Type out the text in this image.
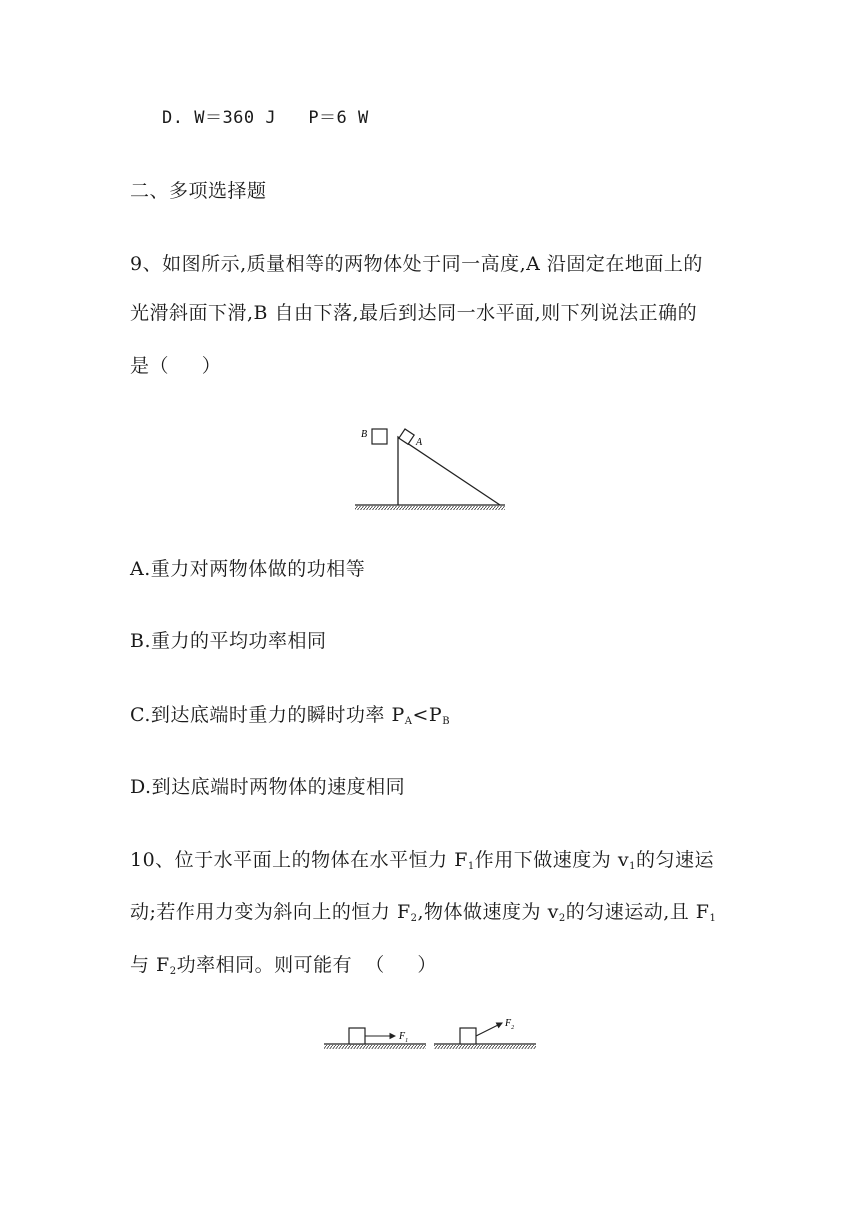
D. W＝360 J   P＝6 W
二、多项选择题
9、如图所示,质量相等的两物体处于同一高度,A 沿固定在地面上的
光滑斜面下滑,B 自由下落,最后到达同一水平面,则下列说法正确的
是（     ）
A
B
A.重力对两物体做的功相等
B.重力的平均功率相同
C.到达底端时重力的瞬时功率 $P_A<P_B$
D.到达底端时两物体的速度相同
10、位于水平面上的物体在水平恒力 $F_1$作用下做速度为 $v_1$的匀速运
动;若作用力变为斜向上的恒力 $F_2$,物体做速度为 $v_2$的匀速运动,且 $F_1$
与 $F_2$功率相同。则可能有  （     ）
$F_1$
$F_2$
